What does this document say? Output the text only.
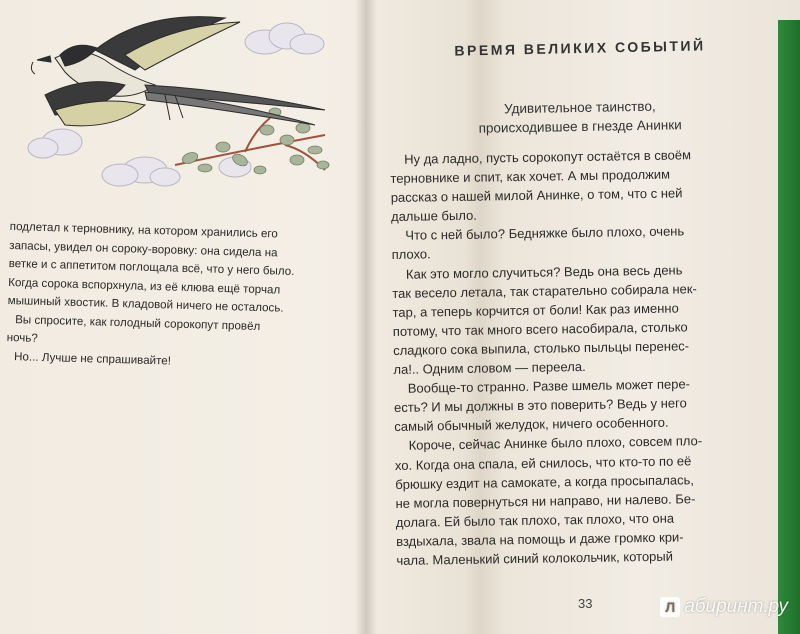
подлетал к терновнику, на котором хранились его

запасы, увидел он сороку-воровку: она сидела на

ветке и с аппетитом поглощала всё, что у него было.

Когда сорока вспорхнула, из её клюва ещё торчал

мышиный хвостик. В кладовой ничего не осталось.

Вы спросите, как голодный сорокопут провёл

ночь?

Но... Лучше не спрашивайте!

ВРЕМЯ ВЕЛИКИХ СОБЫТИЙ
Удивительное таинство,
происходившее в гнезде Анинки

Ну да ладно, пусть сорокопут остаётся в своём

терновнике и спит, как хочет. А мы продолжим

рассказ о нашей милой Анинке, о том, что с ней

дальше было.

Что с ней было? Бедняжке было плохо, очень

плохо.

Как это могло случиться? Ведь она весь день

так весело летала, так старательно собирала нек-

тар, а теперь корчится от боли! Как раз именно

потому, что так много всего насобирала, столько

сладкого сока выпила, столько пыльцы перенес-

ла!.. Одним словом — переела.

Вообще-то странно. Разве шмель может пере-

есть? И мы должны в это поверить? Ведь у него

самый обычный желудок, ничего особенного.

Короче, сейчас Анинке было плохо, совсем пло-

хо. Когда она спала, ей снилось, что кто-то по её

брюшку ездит на самокате, а когда просыпалась,

не могла повернуться ни направо, ни налево. Бе-

долага. Ей было так плохо, так плохо, что она

вздыхала, звала на помощь и даже громко кри-

чала. Маленький синий колокольчик, который

33	Л абиринт.ру
